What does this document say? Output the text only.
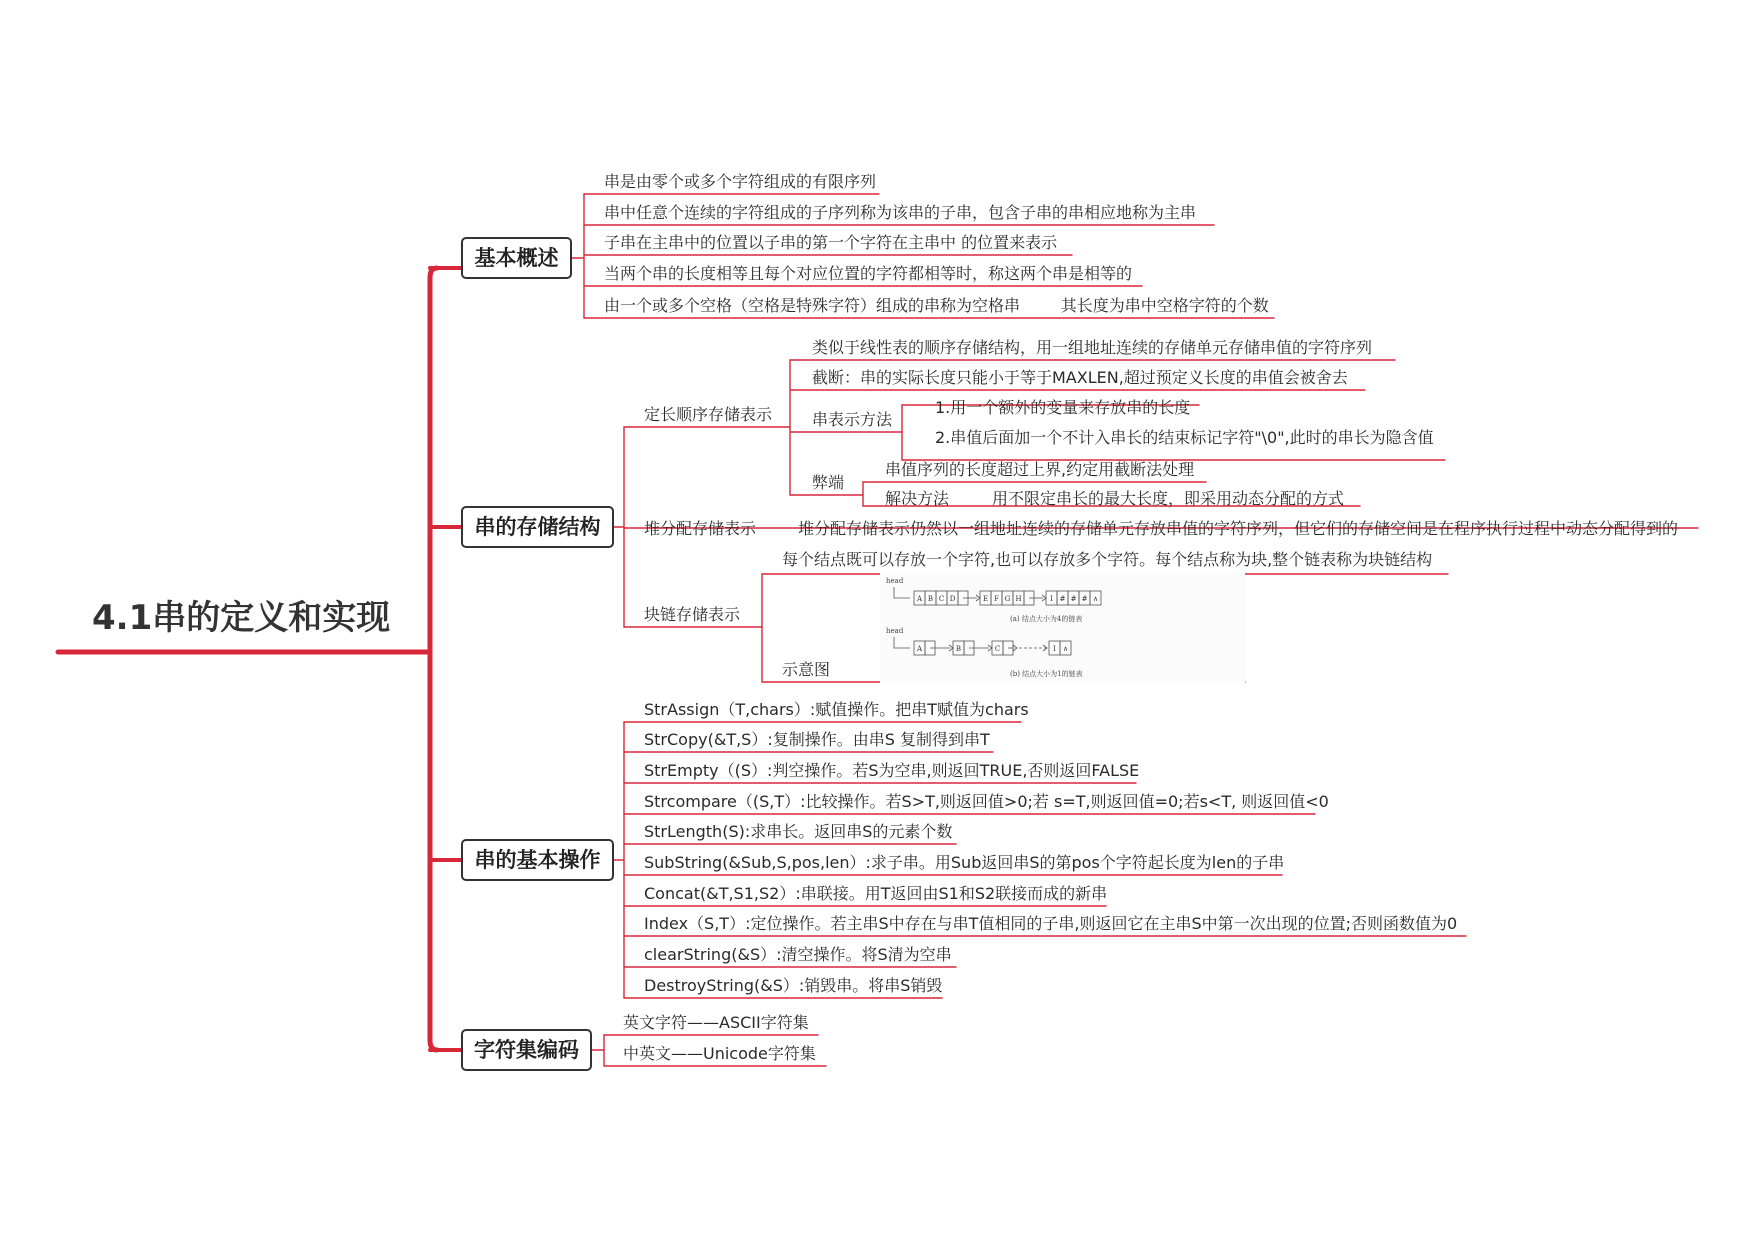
4.1串的定义和实现
基本概述
串是由零个或多个字符组成的有限序列
串中任意个连续的字符组成的子序列称为该串的子串，包含子串的串相应地称为主串
子串在主串中的位置以子串的第一个字符在主串中 的位置来表示
当两个串的长度相等且每个对应位置的字符都相等时，称这两个串是相等的
由一个或多个空格（空格是特殊字符）组成的串称为空格串        其长度为串中空格字符的个数
串的存储结构
定长顺序存储表示
类似于线性表的顺序存储结构，用一组地址连续的存储单元存储串值的字符序列
截断：串的实际长度只能小于等于MAXLEN,超过预定义长度的串值会被舍去
串表示方法
1.用一个额外的变量来存放串的长度
2.串值后面加一个不计入串长的结束标记字符"\0",此时的串长为隐含值
弊端
串值序列的长度超过上界,约定用截断法处理
解决方法	用不限定串长的最大长度，即采用动态分配的方式
堆分配存储表示	堆分配存储表示仍然以一组地址连续的存储单元存放串值的字符序列，但它们的存储空间是在程序执行过程中动态分配得到的
块链存储表示
每个结点既可以存放一个字符,也可以存放多个字符。每个结点称为块,整个链表称为块链结构
示意图
head
A B C D	E F G H	I # # # ∧
(a) 结点大小为4的链表
head
A	B	C	I ∧
(b) 结点大小为1的链表
串的基本操作
StrAssign（T,chars）:赋值操作。把串T赋值为chars
StrCopy(&T,S）:复制操作。由串S 复制得到串T
StrEmpty（(S）:判空操作。若S为空串,则返回TRUE,否则返回FALSE
Strcompare（(S,T）:比较操作。若S>T,则返回值>0;若 s=T,则返回值=0;若s<T, 则返回值<0
StrLength(S):求串长。返回串S的元素个数
SubString(&Sub,S,pos,len）:求子串。用Sub返回串S的第pos个字符起长度为len的子串
Concat(&T,S1,S2）:串联接。用T返回由S1和S2联接而成的新串
Index（S,T）:定位操作。若主串S中存在与串T值相同的子串,则返回它在主串S中第一次出现的位置;否则函数值为0
clearString(&S）:清空操作。将S清为空串
DestroyString(&S）:销毁串。将串S销毁
字符集编码
英文字符——ASCII字符集
中英文——Unicode字符集
